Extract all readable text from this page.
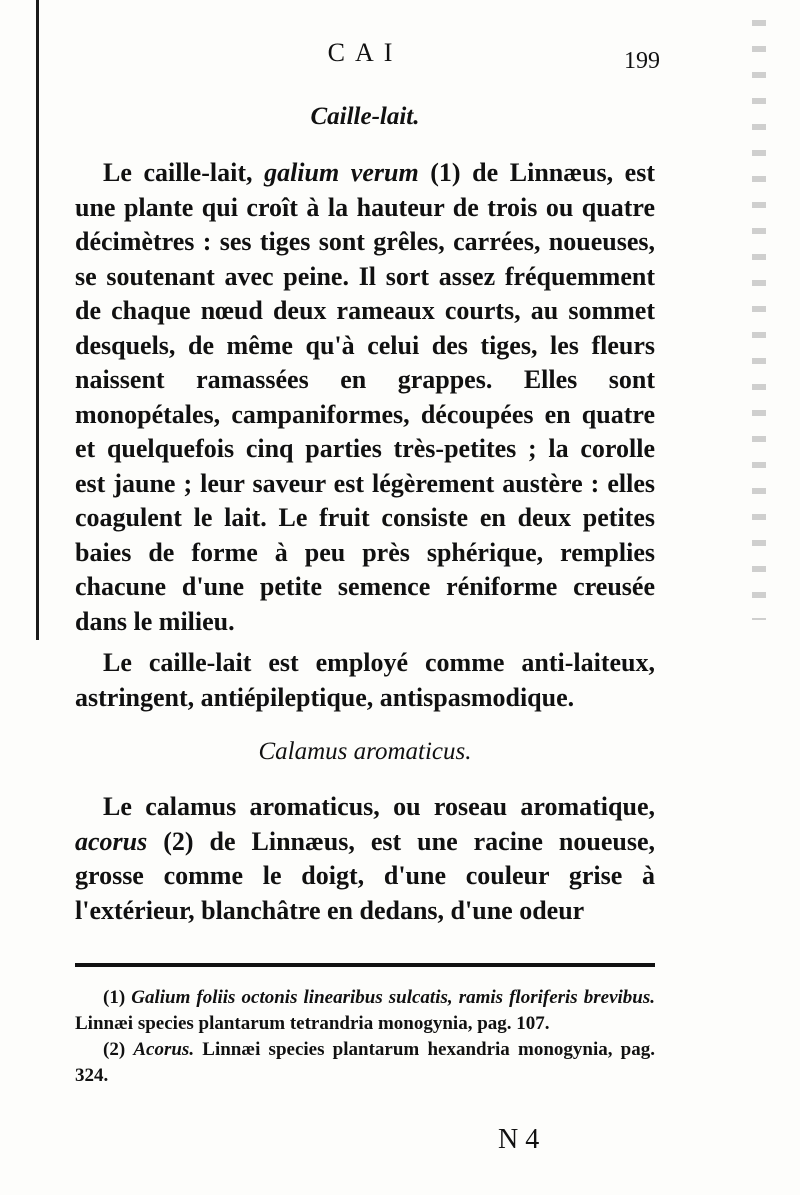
CAI	199
Caille-lait.
Le caille-lait, galium verum (1) de Linnæus, est une plante qui croît à la hauteur de trois ou quatre décimètres : ses tiges sont grêles, carrées, noueuses, se soutenant avec peine. Il sort assez fréquemment de chaque nœud deux rameaux courts, au sommet desquels, de même qu'à celui des tiges, les fleurs naissent ramassées en grappes. Elles sont monopétales, campaniformes, découpées en quatre et quelquefois cinq parties très-petites ; la corolle est jaune ; leur saveur est légèrement austère : elles coagulent le lait. Le fruit consiste en deux petites baies de forme à peu près sphérique, remplies chacune d'une petite semence réniforme creusée dans le milieu.
Le caille-lait est employé comme anti-laiteux, astringent, antiépileptique, antispasmodique.
Calamus aromaticus.
Le calamus aromaticus, ou roseau aromatique, acorus (2) de Linnæus, est une racine noueuse, grosse comme le doigt, d'une couleur grise à l'extérieur, blanchâtre en dedans, d'une odeur
(1) Galium foliis octonis linearibus sulcatis, ramis floriferis brevibus. Linnæi species plantarum tetrandria monogynia, pag. 107.
(2) Acorus. Linnæi species plantarum hexandria monogynia, pag. 324.
N 4
